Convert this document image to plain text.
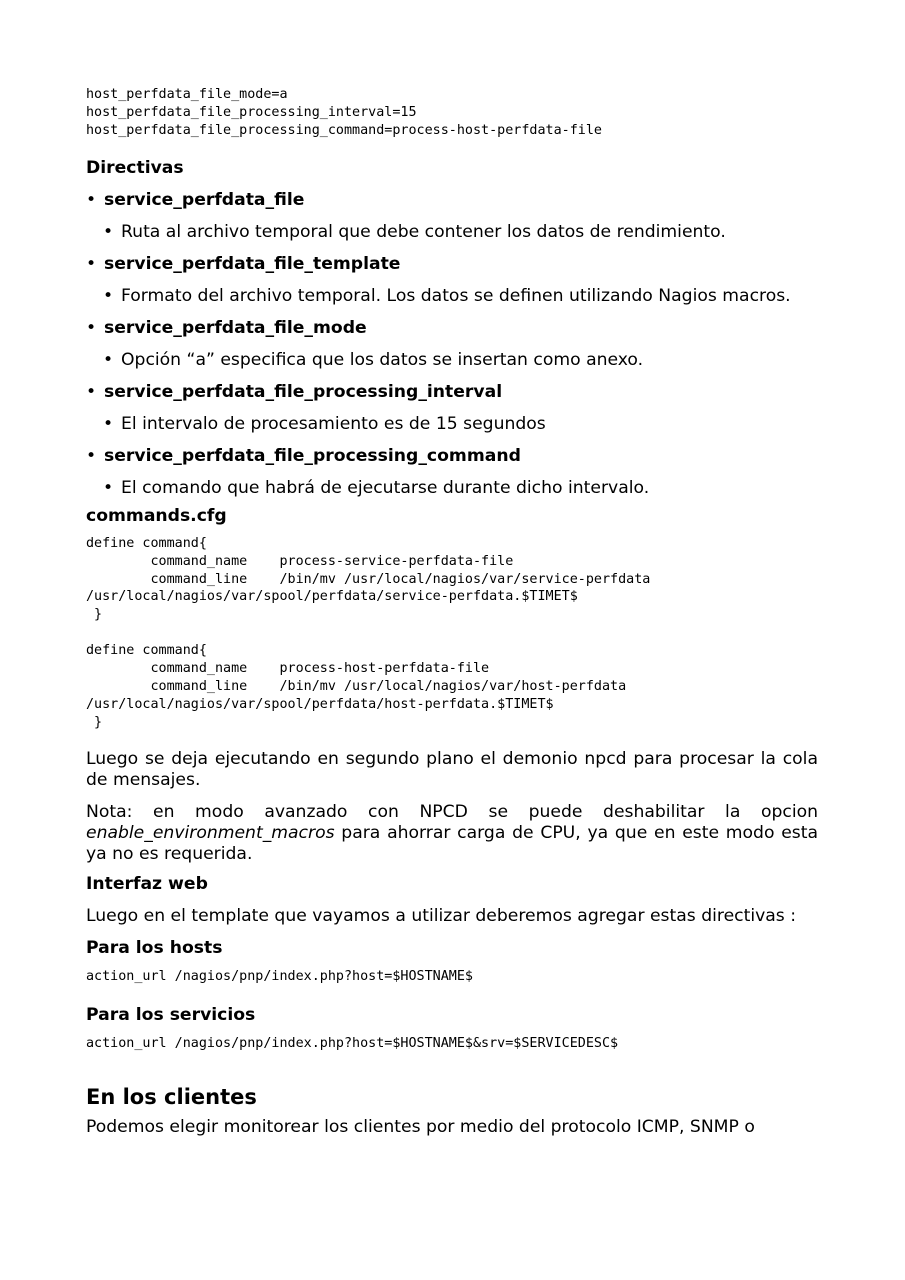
host_perfdata_file_mode=a
host_perfdata_file_processing_interval=15
host_perfdata_file_processing_command=process-host-perfdata-file
Directivas
• service_perfdata_file
• Ruta al archivo temporal que debe contener los datos de rendimiento.
• service_perfdata_file_template
• Formato del archivo temporal. Los datos se definen utilizando Nagios macros.
• service_perfdata_file_mode
• Opción “a” especifica que los datos se insertan como anexo.
• service_perfdata_file_processing_interval
• El intervalo de procesamiento es de 15 segundos
• service_perfdata_file_processing_command
• El comando que habrá de ejecutarse durante dicho intervalo.
commands.cfg
define command{
command_name    process-service-perfdata-file
command_line    /bin/mv /usr/local/nagios/var/service-perfdata
/usr/local/nagios/var/spool/perfdata/service-perfdata.$TIMET$
}

define command{
command_name    process-host-perfdata-file
command_line    /bin/mv /usr/local/nagios/var/host-perfdata
/usr/local/nagios/var/spool/perfdata/host-perfdata.$TIMET$
}

Luego se deja ejecutando en segundo plano el demonio npcd para procesar la cola de mensajes.

Nota: en modo avanzado con NPCD se puede deshabilitar la opcion enable_environment_macros para ahorrar carga de CPU, ya que en este modo esta ya no es requerida.

Interfaz web

Luego en el template que vayamos a utilizar deberemos agregar estas directivas :

Para los hosts
action_url /nagios/pnp/index.php?host=$HOSTNAME$
Para los servicios
action_url /nagios/pnp/index.php?host=$HOSTNAME$&srv=$SERVICEDESC$
En los clientes

Podemos elegir monitorear los clientes por medio del protocolo ICMP, SNMP o
